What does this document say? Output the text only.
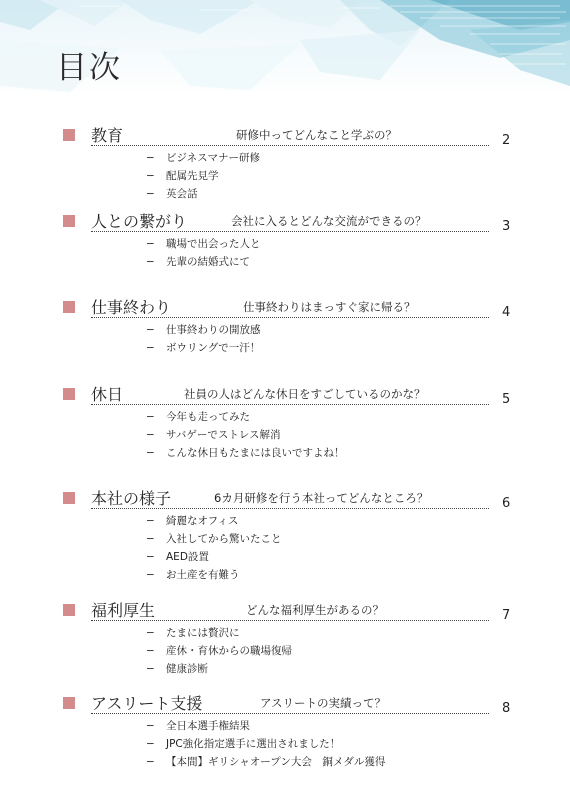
目次
教育	研修中ってどんなこと学ぶの？	2
− ビジネスマナー研修
− 配属先見学
− 英会話
人との繋がり	会社に入るとどんな交流ができるの？	3
− 職場で出会った人と
− 先輩の結婚式にて
仕事終わり	仕事終わりはまっすぐ家に帰る？	4
− 仕事終わりの開放感
− ボウリングで一汗！
休日	社員の人はどんな休日をすごしているのかな？	5
− 今年も走ってみた
− サバゲーでストレス解消
− こんな休日もたまには良いですよね！
本社の様子	6カ月研修を行う本社ってどんなところ？	6
− 綺麗なオフィス
− 入社してから驚いたこと
− AED設置
− お土産を有難う
福利厚生	どんな福利厚生があるの？	7
− たまには贅沢に
− 産休・育休からの職場復帰
− 健康診断
アスリート支援	アスリートの実績って？	8
− 全日本選手権結果
− JPC強化指定選手に選出されました！
− 【本間】ギリシャオープン大会　銅メダル獲得
